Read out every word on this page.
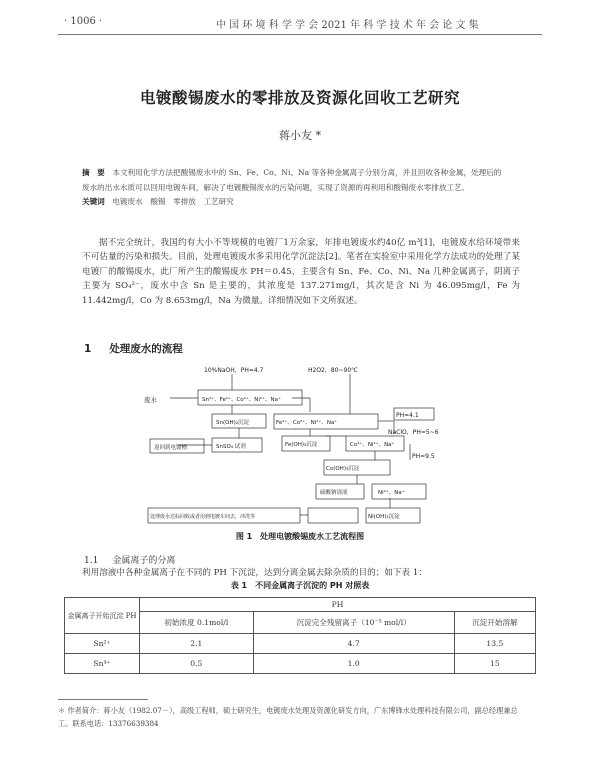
· 1006 ·	中 国 环 境 科 学 学 会 2021 年 科 学 技 术 年 会 论 文 集
电镀酸锡废水的零排放及资源化回收工艺研究
蒋小友 *
摘　要　 本文利用化学方法把酸锡废水中的 Sn、Fe、Co、Ni、Na 等各种金属离子分别分离，并且回收各种金属，处理后的废水的出水水质可以回用电镀车间，解决了电镀酸锡废水的污染问题，实现了资源的再利用和酸锡废水零排放工艺。
关键词　 电镀废水　酸锡　零排放　工艺研究
据不完全统计，我国约有大小不等规模的电镀厂1万余家，年排电镀废水约40亿 m³[1]，电镀废水给环境带来不可估量的污染和损失。目前，处理电镀废水多采用化学沉淀法[2]。笔者在实验室中采用化学方法成功的处理了某电镀厂的酸锡废水，此厂所产生的酸锡废水 PH＝0.45，主要含有 Sn、Fe、Co、Ni、Na 几种金属离子，阴离子主要为 SO₄²⁻，废水中含 Sn 是主要的，其浓度是 137.271mg/l，其次是含 Ni 为 46.095mg/l，Fe 为 11.442mg/l，Co 为 8.653mg/l，Na 为微量。详细情况如下文所叙述。
1 处理废水的流程
废水
10%NaOH，PH=4.7
Sn²⁺、Fe²⁺、Co²⁺、Ni²⁺、Na⁺
H2O2，80~90℃
Sn(OH)₂沉淀	Fe²⁺、Co²⁺、Ni²⁺、Na⁺
PH=4.1
SnSO₄ 试剂
返回到电镀槽	Fe(OH)₃沉淀
NaClO，PH=5~6
Co³⁺、Ni²⁺、Na⁺
PH=9.5
Co(OH)₃沉淀
Ni²⁺、Na⁺
硫酸钠溶液
Ni(OH)₂沉淀
处理废水达标回收或者用到电镀车间去，冲洗等
图 1　处理电镀酸锡废水工艺流程图
1.1 金属离子的分离
利用溶液中各种金属离子在不同的 PH 下沉淀，达到分离金属去除杂质的目的；如下表 1：
表 1　不同金属离子沉淀的 PH 对照表
金属离子开始沉淀 PH	PH		
	初始浓度 0.1mol/l	沉淀完全残留离子（10⁻⁵ mol/l）	沉淀开始溶解
Sn²⁺	2.1	4.7	13.5
Sn⁴⁺	0.5	1.0	15
＊ 作者简介：蒋小友（1982.07－），高级工程师，硕士研究生，电镀废水处理及资源化研发方向，广东博锋水处理科技有限公司，副总经理兼总工。联系电话：13376639384
